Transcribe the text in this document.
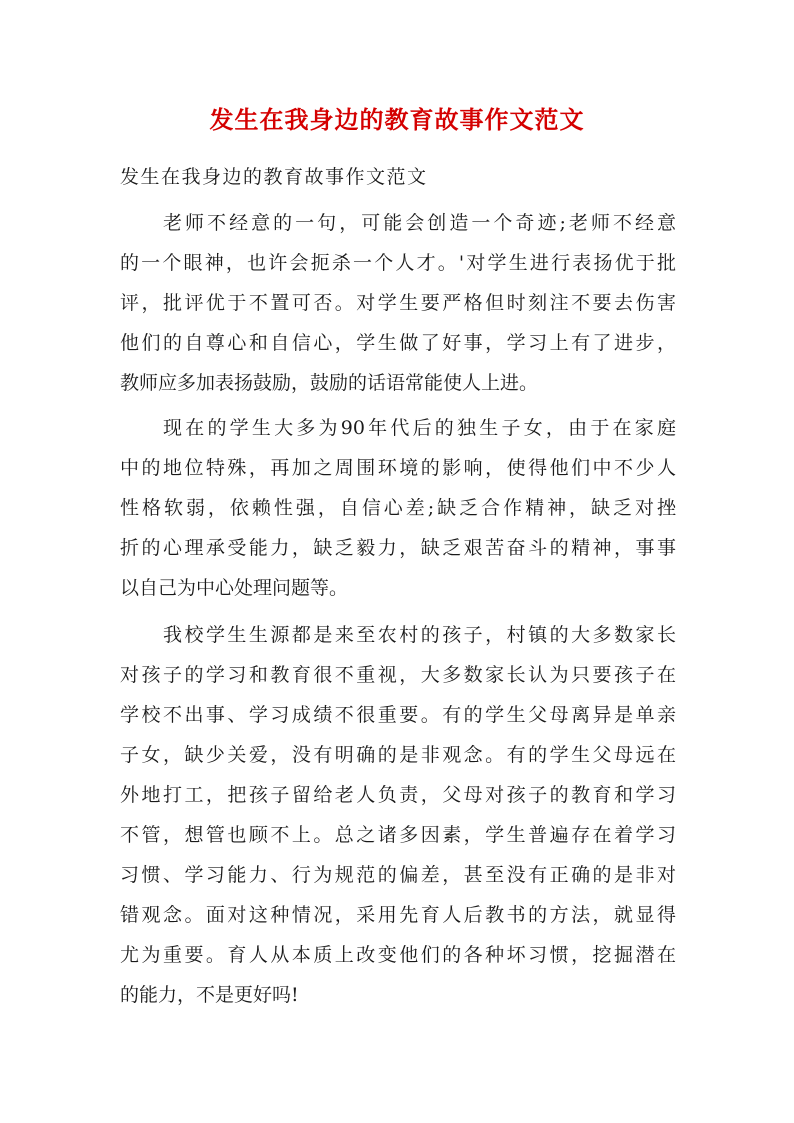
发生在我身边的教育故事作文范文

发生在我身边的教育故事作文范文

老师不经意的一句，可能会创造一个奇迹;老师不经意

的一个眼神，也许会扼杀一个人才。'对学生进行表扬优于批

评，批评优于不置可否。对学生要严格但时刻注不要去伤害

他们的自尊心和自信心，学生做了好事，学习上有了进步，

教师应多加表扬鼓励，鼓励的话语常能使人上进。

现在的学生大多为90年代后的独生子女，由于在家庭

中的地位特殊，再加之周围环境的影响，使得他们中不少人

性格软弱，依赖性强，自信心差;缺乏合作精神，缺乏对挫

折的心理承受能力，缺乏毅力，缺乏艰苦奋斗的精神，事事

以自己为中心处理问题等。

我校学生生源都是来至农村的孩子，村镇的大多数家长

对孩子的学习和教育很不重视，大多数家长认为只要孩子在

学校不出事、学习成绩不很重要。有的学生父母离异是单亲

子女，缺少关爱，没有明确的是非观念。有的学生父母远在

外地打工，把孩子留给老人负责，父母对孩子的教育和学习

不管，想管也顾不上。总之诸多因素，学生普遍存在着学习

习惯、学习能力、行为规范的偏差，甚至没有正确的是非对

错观念。面对这种情况，采用先育人后教书的方法，就显得

尤为重要。育人从本质上改变他们的各种坏习惯，挖掘潜在

的能力，不是更好吗!
